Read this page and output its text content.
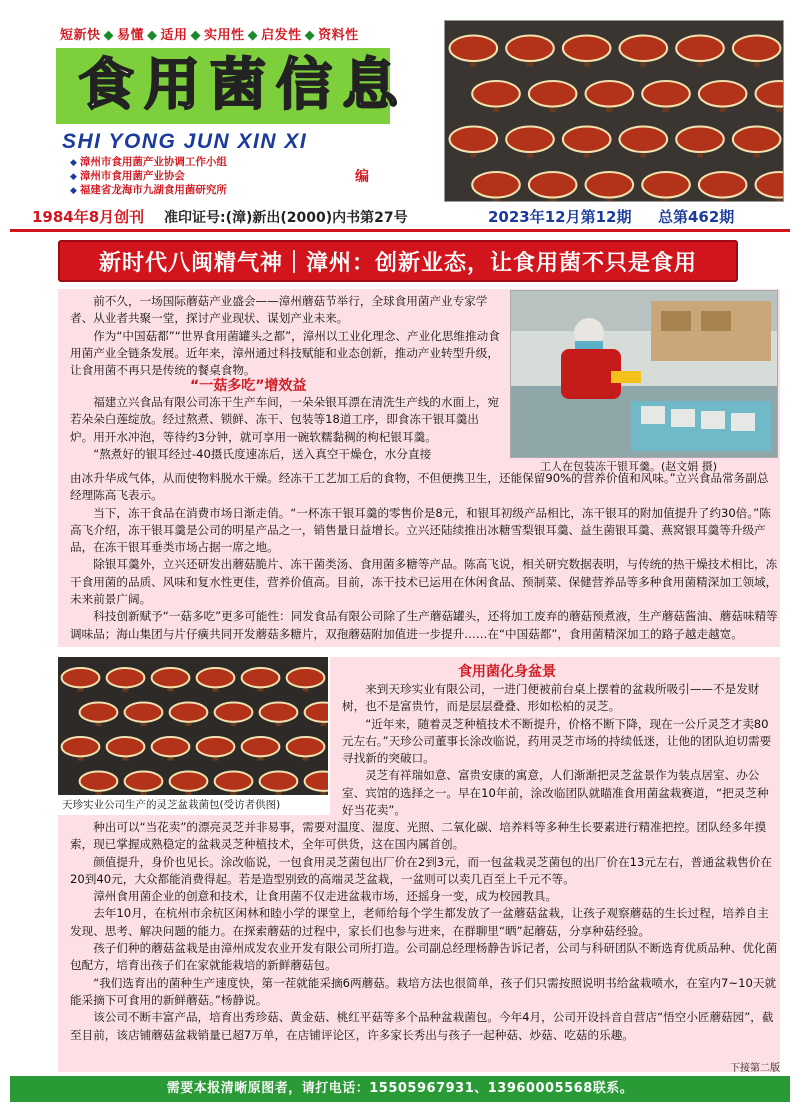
短新快 ◆ 易懂 ◆ 适用 ◆ 实用性 ◆ 启发性 ◆ 资料性
食用菌信息
SHI YONG JUN XIN XI
◆ 漳州市食用菌产业协调工作小组
◆ 漳州市食用菌产业协会
◆ 福建省龙海市九湖食用菌研究所
编
1984年8月创刊 准印证号:(漳)新出(2000)内书第27号	2023年12月第12期 总第462期
新时代八闽精气神｜漳州：创新业态，让食用菌不只是食用

前不久，一场国际蘑菇产业盛会——漳州蘑菇节举行，全球食用菌产业专家学者、从业者共聚一堂，探讨产业现状、谋划产业未来。

作为“中国菇都”“世界食用菌罐头之都”，漳州以工业化理念、产业化思维推动食用菌产业全链条发展。近年来，漳州通过科技赋能和业态创新，推动产业转型升级，让食用菌不再只是传统的餐桌食物。

“一菇多吃”增效益

福建立兴食品有限公司冻干生产车间，一朵朵银耳漂在清洗生产线的水面上，宛若朵朵白莲绽放。经过熬煮、锁鲜、冻干、包装等18道工序，即食冻干银耳羹出炉。用开水冲泡，等待约3分钟，就可享用一碗软糯黏稠的枸杞银耳羹。

“熬煮好的银耳经过-40摄氏度速冻后，送入真空干燥仓，水分直接

工人在包装冻干银耳羹。(赵文娟 摄)

由冰升华成气体，从而使物料脱水干燥。经冻干工艺加工后的食物，不但便携卫生，还能保留90%的营养价值和风味。”立兴食品常务副总经理陈高飞表示。

当下，冻干食品在消费市场日渐走俏。“一杯冻干银耳羹的零售价是8元，和银耳初级产品相比，冻干银耳的附加值提升了约30倍。”陈高飞介绍，冻干银耳羹是公司的明星产品之一，销售量日益增长。立兴还陆续推出冰糖雪梨银耳羹、益生菌银耳羹、燕窝银耳羹等升级产品，在冻干银耳垂类市场占据一席之地。

除银耳羹外，立兴还研发出蘑菇脆片、冻干菌类汤、食用菌多糖等产品。陈高飞说，相关研究数据表明，与传统的热干燥技术相比，冻干食用菌的品质、风味和复水性更佳，营养价值高。目前，冻干技术已运用在休闲食品、预制菜、保健营养品等多种食用菌精深加工领域，未来前景广阔。

科技创新赋予“一菇多吃”更多可能性：同发食品有限公司除了生产蘑菇罐头，还将加工废弃的蘑菇预煮液，生产蘑菇酱油、蘑菇味精等调味品；海山集团与片仔癀共同开发蘑菇多糖片，双孢蘑菇附加值进一步提升……在“中国菇都”，食用菌精深加工的路子越走越宽。

天珍实业公司生产的灵芝盆栽菌包(受访者供图)
食用菌化身盆景

来到天珍实业有限公司，一进门便被前台桌上摆着的盆栽所吸引——不是发财树，也不是富贵竹，而是层层叠叠、形如松柏的灵芝。

“近年来，随着灵芝种植技术不断提升，价格不断下降，现在一公斤灵芝才卖80元左右。”天珍公司董事长涂改临说，药用灵芝市场的持续低迷，让他的团队迫切需要寻找新的突破口。

灵芝有祥瑞如意、富贵安康的寓意，人们渐渐把灵芝盆景作为装点居室、办公室、宾馆的选择之一。早在10年前，涂改临团队就瞄准食用菌盆栽赛道，“把灵芝种好当花卖”。

种出可以“当花卖”的漂亮灵芝并非易事，需要对温度、湿度、光照、二氧化碳、培养料等多种生长要素进行精准把控。团队经多年摸索，现已掌握成熟稳定的盆栽灵芝种植技术，全年可供货，这在国内属首创。

颜值提升，身价也见长。涂改临说，一包食用灵芝菌包出厂价在2到3元，而一包盆栽灵芝菌包的出厂价在13元左右，普通盆栽售价在20到40元，大众都能消费得起。若是造型别致的高端灵芝盆栽，一盆则可以卖几百至上千元不等。

漳州食用菌企业的创意和技术，让食用菌不仅走进盆栽市场，还摇身一变，成为校园教具。

去年10月，在杭州市余杭区闲林和睦小学的课堂上，老师给每个学生都发放了一盆蘑菇盆栽，让孩子观察蘑菇的生长过程，培养自主发现、思考、解决问题的能力。在探索蘑菇的过程中，家长们也参与进来，在群聊里“晒”起蘑菇，分享种菇经验。

孩子们种的蘑菇盆栽是由漳州成发农业开发有限公司所打造。公司副总经理杨静告诉记者，公司与科研团队不断选育优质品种、优化菌包配方，培育出孩子们在家就能栽培的新鲜蘑菇包。

“我们选育出的菌种生产速度快，第一茬就能采摘6两蘑菇。栽培方法也很简单，孩子们只需按照说明书给盆栽喷水，在室内7~10天就能采摘下可食用的新鲜蘑菇。”杨静说。

该公司不断丰富产品，培育出秀珍菇、黄金菇、桃红平菇等多个品种盆栽菌包。今年4月，公司开设抖音自营店“悟空小匠蘑菇园”，截至目前，该店铺蘑菇盆栽销量已超7万单，在店铺评论区，许多家长秀出与孩子一起种菇、炒菇、吃菇的乐趣。

下接第二版
需要本报清晰原图者，请打电话：15505967931、13960005568联系。
